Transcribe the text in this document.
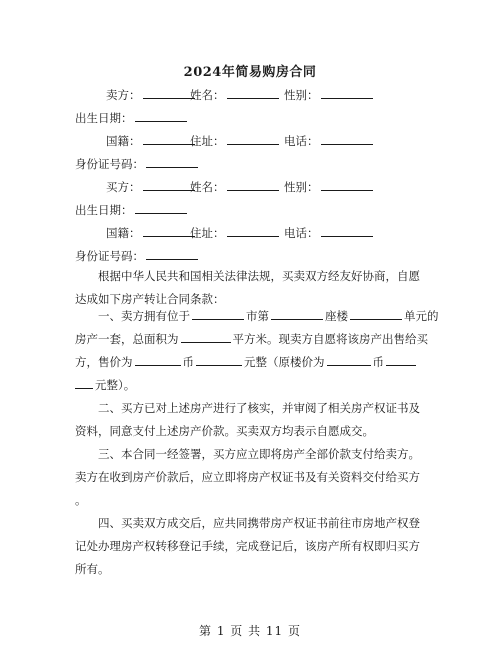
2024年简易购房合同
卖方：	姓名：	性别：
出生日期：
国籍：	住址：	电话：
身份证号码：
买方：	姓名：	性别：
出生日期：
国籍：	住址：	电话：
身份证号码：
根据中华人民共和国相关法律法规，买卖双方经友好协商，自愿
达成如下房产转让合同条款：
一、卖方拥有位于	市第	座楼	单元的
房产一套，总面积为	平方米。现卖方自愿将该房产出售给买
方，售价为	币	元整（原楼价为	币
元整）。
二、买方已对上述房产进行了核实，并审阅了相关房产权证书及
资料，同意支付上述房产价款。买卖双方均表示自愿成交。
三、本合同一经签署，买方应立即将房产全部价款支付给卖方。
卖方在收到房产价款后，应立即将房产权证书及有关资料交付给买方
。
四、买卖双方成交后，应共同携带房产权证书前往市房地产权登
记处办理房产权转移登记手续，完成登记后，该房产所有权即归买方
所有。
第 1 页 共 11 页
